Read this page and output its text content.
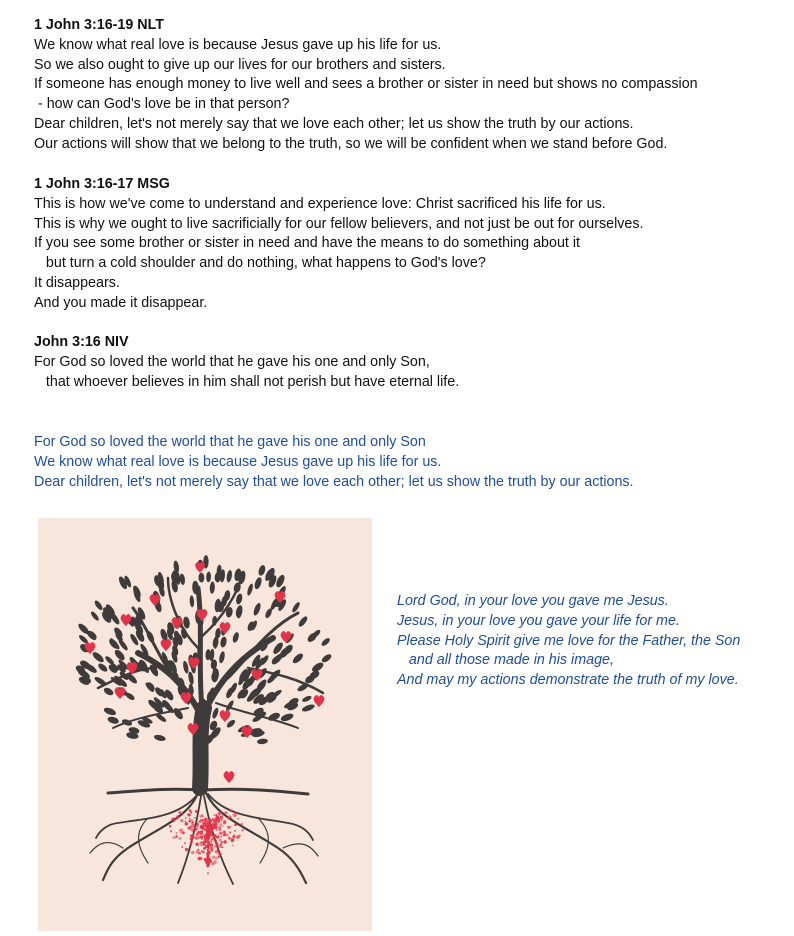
1 John 3:16-19 NLT

We know what real love is because Jesus gave up his life for us.

So we also ought to give up our lives for our brothers and sisters.

If someone has enough money to live well and sees a brother or sister in need but shows no compassion

- how can God's love be in that person?

Dear children, let's not merely say that we love each other; let us show the truth by our actions.

Our actions will show that we belong to the truth, so we will be confident when we stand before God.

1 John 3:16-17 MSG

This is how we've come to understand and experience love: Christ sacrificed his life for us.

This is why we ought to live sacrificially for our fellow believers, and not just be out for ourselves.

If you see some brother or sister in need and have the means to do something about it

but turn a cold shoulder and do nothing, what happens to God's love?

It disappears.

And you made it disappear.

John 3:16 NIV

For God so loved the world that he gave his one and only Son,

that whoever believes in him shall not perish but have eternal life.

For God so loved the world that he gave his one and only Son

We know what real love is because Jesus gave up his life for us.

Dear children, let's not merely say that we love each other; let us show the truth by our actions.

Lord God, in your love you gave me Jesus.

Jesus, in your love you gave your life for me.

Please Holy Spirit give me love for the Father, the Son

and all those made in his image,

And may my actions demonstrate the truth of my love.
